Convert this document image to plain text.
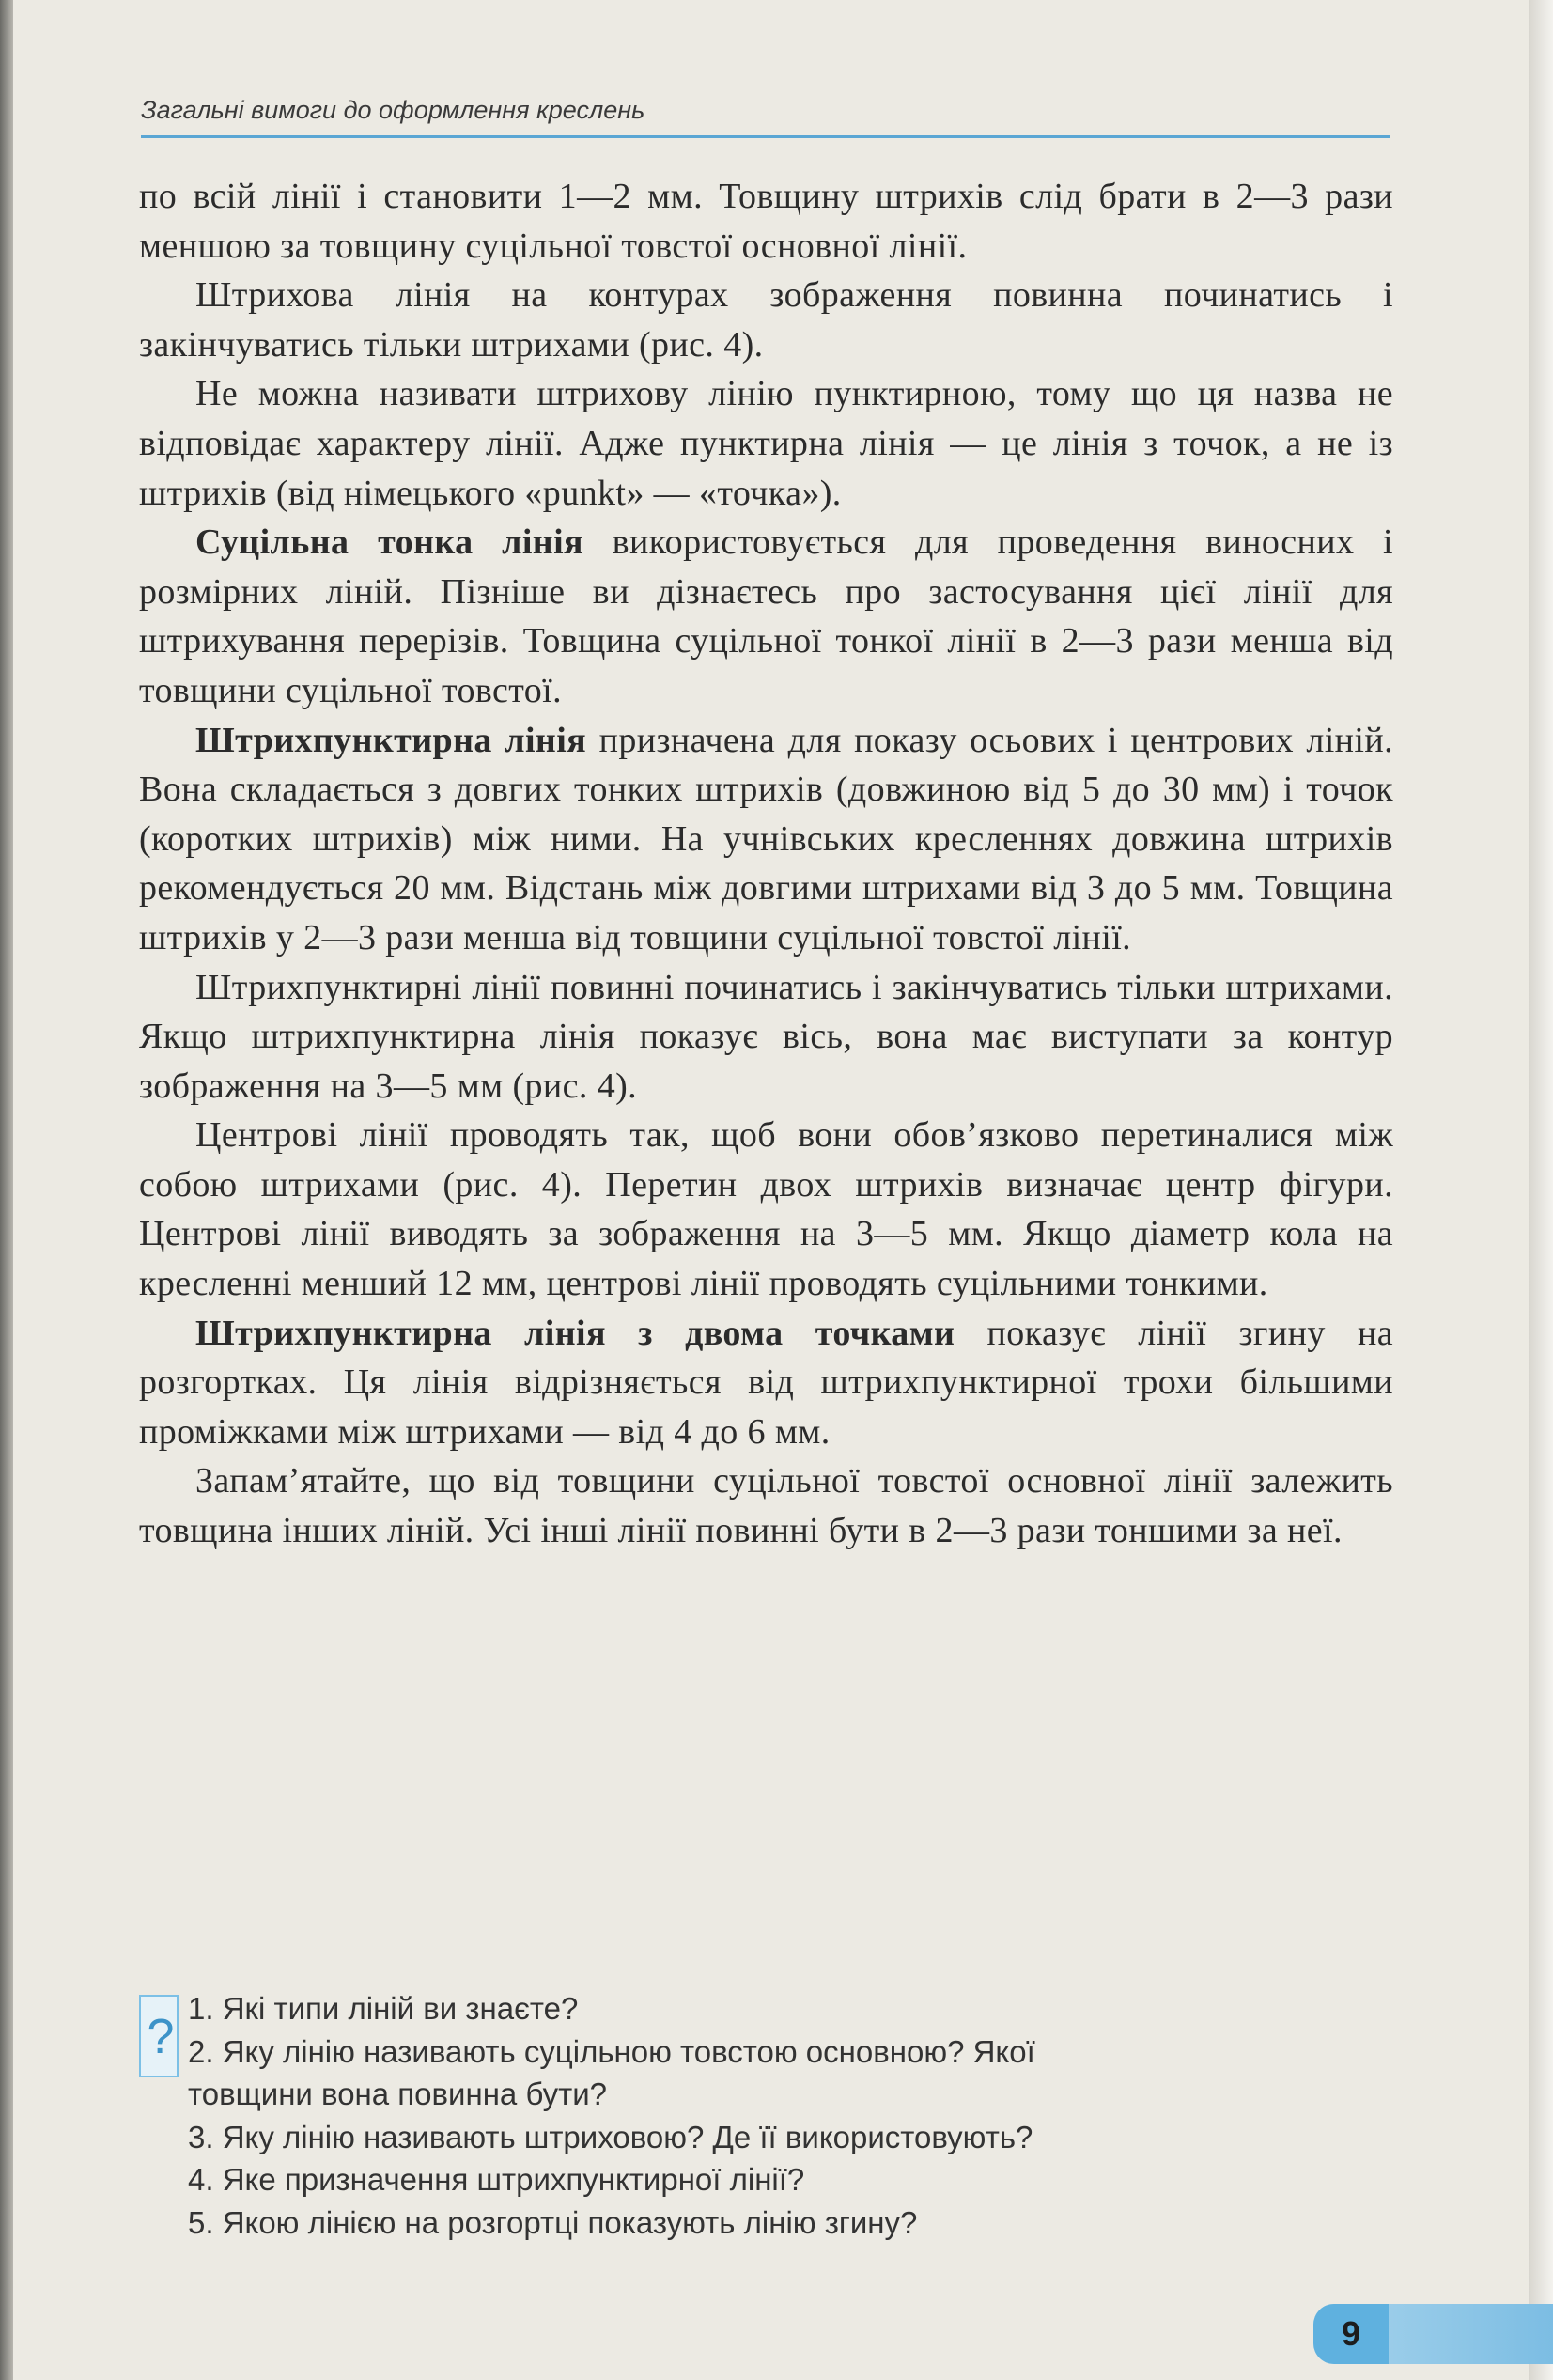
Загальні вимоги до оформлення креслень

по всій лінії і становити 1—2 мм. Товщину штрихів слід брати в 2—3 рази меншою за товщину суцільної товстої основної лінії.

Штрихова лінія на контурах зображення повинна починатись і закінчуватись тільки штрихами (рис. 4).

Не можна називати штрихову лінію пунктирною, тому що ця назва не відповідає характеру лінії. Адже пунктирна лінія — це лінія з точок, а не із штрихів (від німецького «punkt» — «точка»).

Суцільна тонка лінія використовується для проведення виносних і розмірних ліній. Пізніше ви дізнаєтесь про застосування цієї лінії для штрихування перерізів. Товщина суцільної тонкої лінії в 2—3 рази менша від товщини суцільної товстої.

Штрихпунктирна лінія призначена для показу осьових і центрових ліній. Вона складається з довгих тонких штрихів (довжиною від 5 до 30 мм) і точок (коротких штрихів) між ними. На учнівських кресленнях довжина штрихів рекомендується 20 мм. Відстань між довгими штрихами від 3 до 5 мм. Товщина штрихів у 2—3 рази менша від товщини суцільної товстої лінії.

Штрихпунктирні лінії повинні починатись і закінчуватись тільки штрихами. Якщо штрихпунктирна лінія показує вісь, вона має виступати за контур зображення на 3—5 мм (рис. 4).

Центрові лінії проводять так, щоб вони обов’язково перетиналися між собою штрихами (рис. 4). Перетин двох штрихів визначає центр фігури. Центрові лінії виводять за зображення на 3—5 мм. Якщо діаметр кола на кресленні менший 12 мм, центрові лінії проводять суцільними тонкими.

Штрихпунктирна лінія з двома точками показує лінії згину на розгортках. Ця лінія відрізняється від штрихпунктирної трохи більшими проміжками між штрихами — від 4 до 6 мм.

Запам’ятайте, що від товщини суцільної товстої основної лінії залежить товщина інших ліній. Усі інші лінії повинні бути в 2—3 рази тоншими за неї.

?
1. Які типи ліній ви знаєте?
2. Яку лінію називають суцільною товстою основною? Якої
товщини вона повинна бути?
3. Яку лінію називають штриховою? Де її використовують?
4. Яке призначення штрихпунктирної лінії?
5. Якою лінією на розгортці показують лінію згину?
9
